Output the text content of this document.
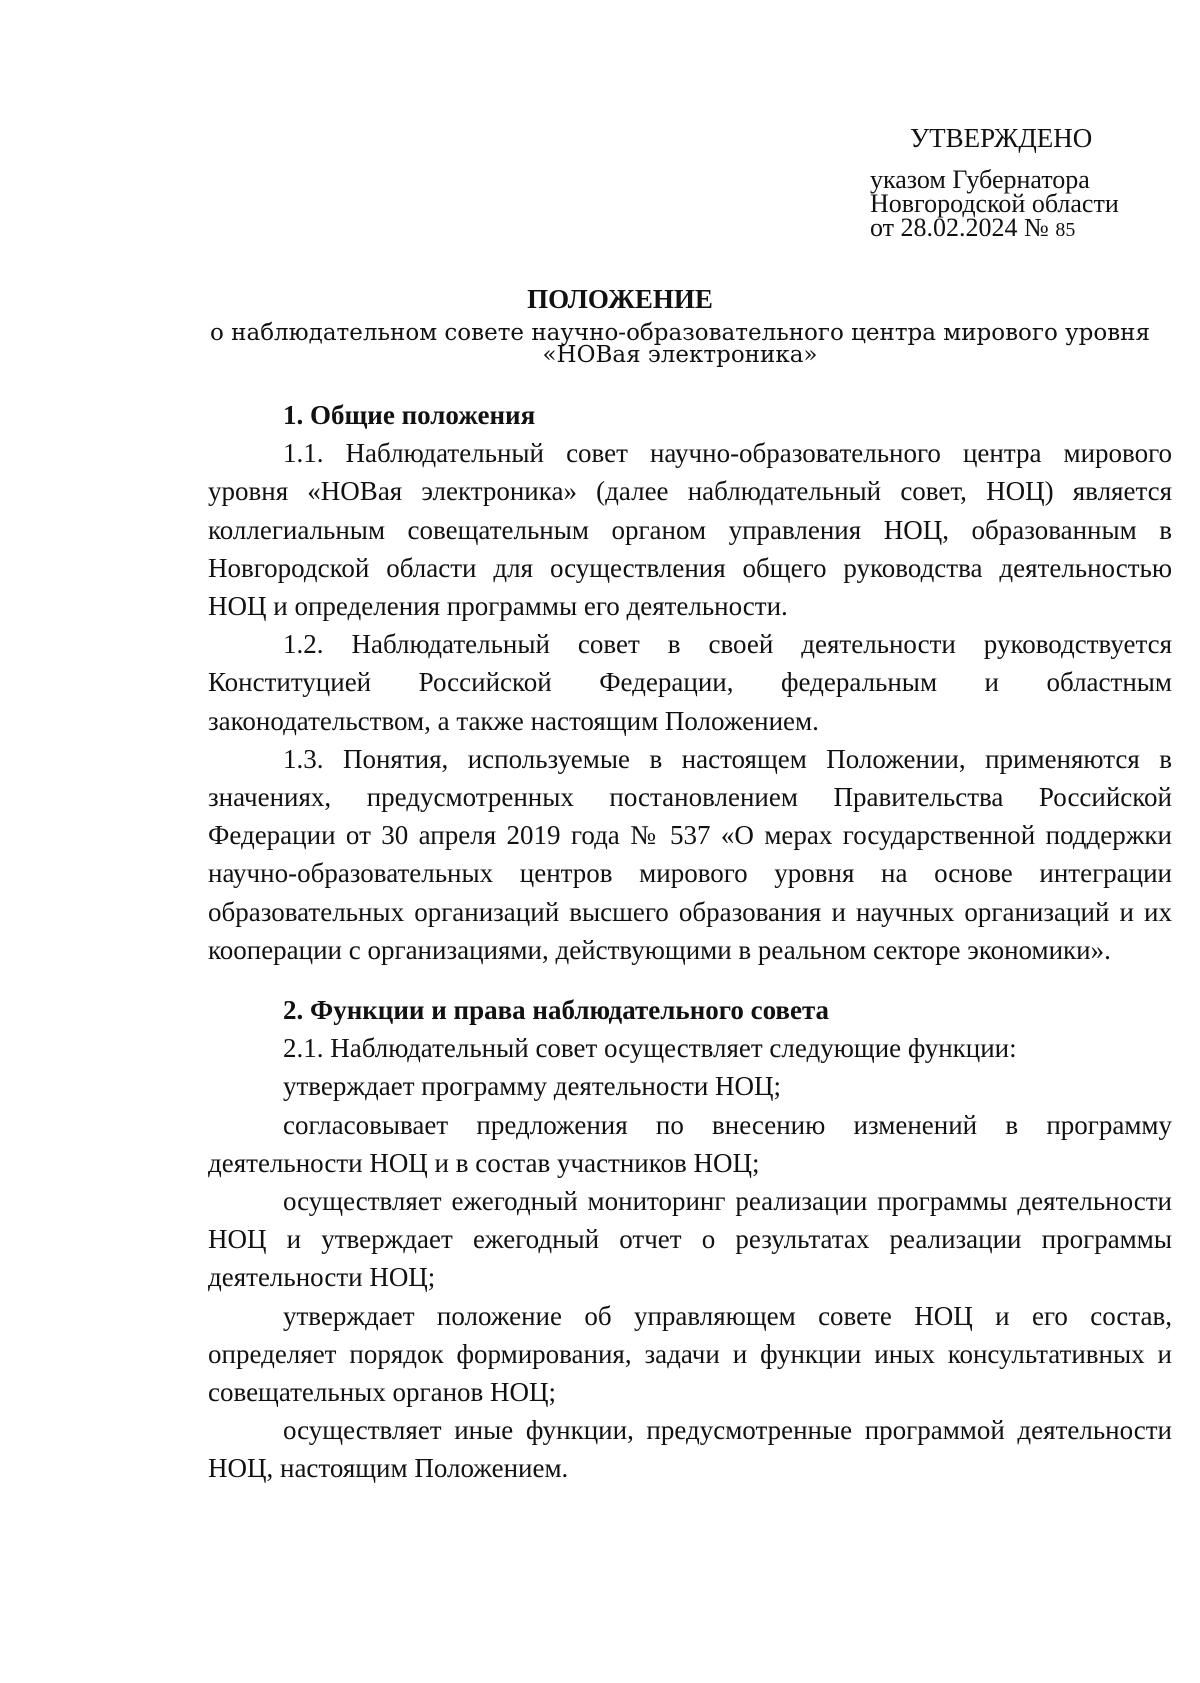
УТВЕРЖДЕНО
указом Губернатора
Новгородской области
от 28.02.2024 № 85
ПОЛОЖЕНИЕ
о наблюдательном совете научно-образовательного центра мирового уровня
«НОВая электроника»
1. Общие положения

1.1. Наблюдательный совет научно-образовательного центра мирового уровня «НОВая электроника» (далее наблюдательный совет, НОЦ) является коллегиальным совещательным органом управления НОЦ, образованным в Новгородской области для осуществления общего руководства деятельностью НОЦ и определения программы его деятельности.

1.2. Наблюдательный совет в своей деятельности руководствуется Конституцией Российской Федерации, федеральным и областным законодательством, а также настоящим Положением.

1.3. Понятия, используемые в настоящем Положении, применяются в значениях, предусмотренных постановлением Правительства Российской Федерации от 30 апреля 2019 года № 537 «О мерах государственной поддержки научно-образовательных центров мирового уровня на основе интеграции образовательных организаций высшего образования и научных организаций и их кооперации с организациями, действующими в реальном секторе экономики».

2. Функции и права наблюдательного совета

2.1. Наблюдательный совет осуществляет следующие функции:

утверждает программу деятельности НОЦ;

согласовывает предложения по внесению изменений в программу деятельности НОЦ и в состав участников НОЦ;

осуществляет ежегодный мониторинг реализации программы деятельности НОЦ и утверждает ежегодный отчет о результатах реализации программы деятельности НОЦ;

утверждает положение об управляющем совете НОЦ и его состав, определяет порядок формирования, задачи и функции иных консультативных и совещательных органов НОЦ;

осуществляет иные функции, предусмотренные программой деятельности НОЦ, настоящим Положением.
